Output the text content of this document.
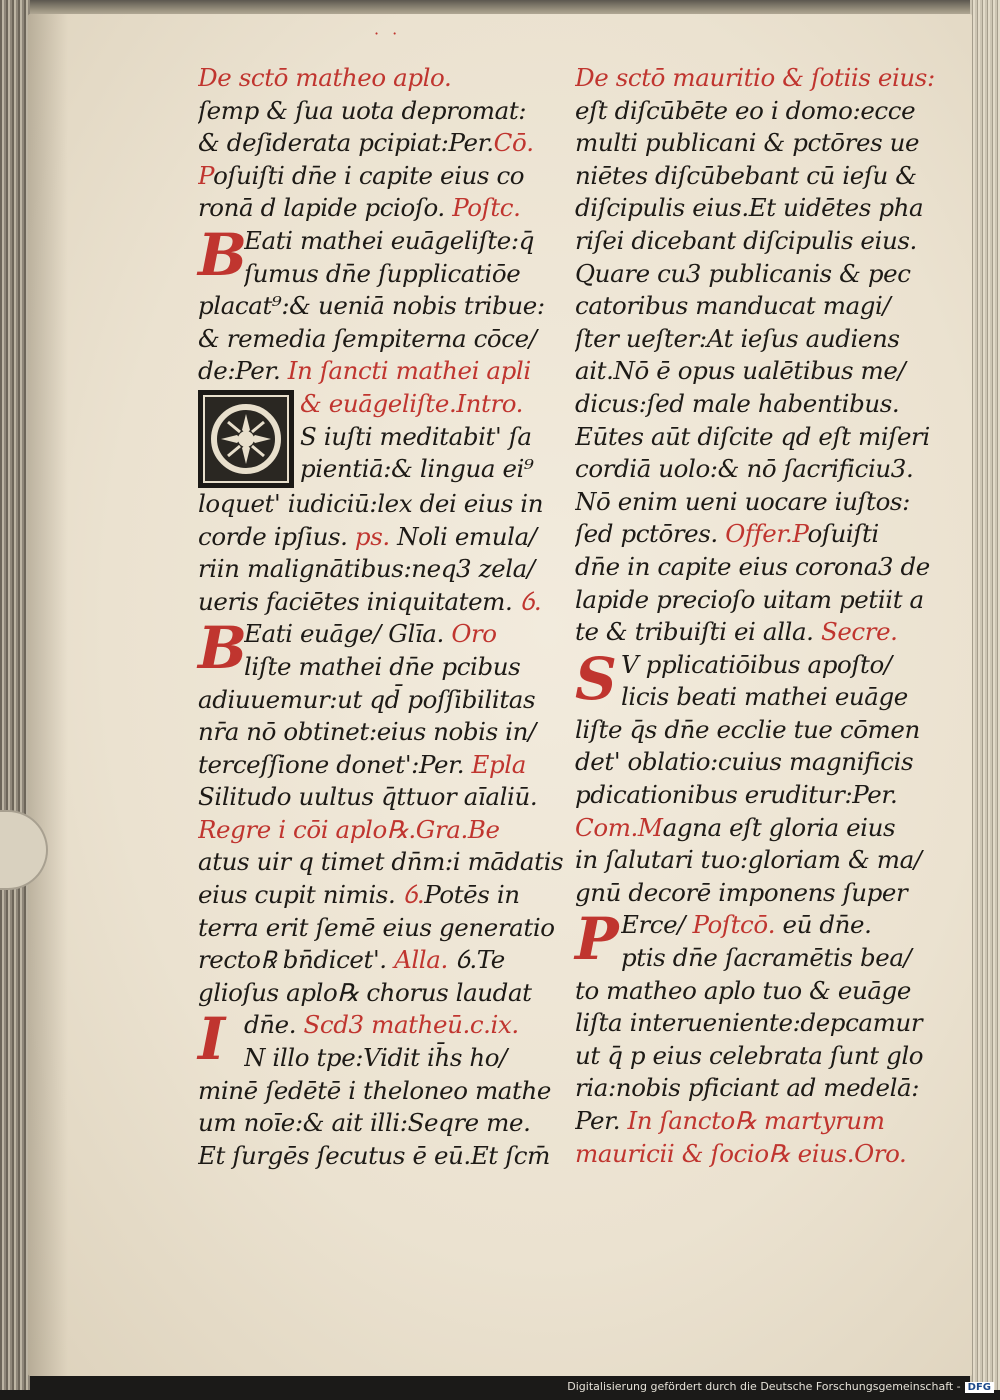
· ·
De sctō matheo aplo.
ſemp & ſua uota depromat:
& deſiderata pcipiat:Per.Cō.
Poſuiſti dn̄e i capite eius co
ronā d lapide pcioſo. Poſtc.
B
Eati mathei euāgeliſte:q̄
ſumus dn̄e ſupplicatiōe
placat⁹:& ueniā nobis tribue:
& remedia ſempiterna cōce/
de:Per. In ſancti mathei apli
& euāgeliſte.Intro.
S iuſti meditabit' ſa
pientiā:& lingua ei⁹
loquet' iudiciū:lex dei eius in
corde ipſius. ps. Noli emula/
riin malignātibus:neq3 zela/
ueris faciētes iniquitatem. ỽ.
B
Eati euāge/ Glīa. Oro
liſte mathei dn̄e pcibus
adiuuemur:ut qd̄ poſſibilitas
nr̄a nō obtinet:eius nobis in/
terceſſione donet':Per. Epla
Silitudo uultus q̄ttuor aīaliū.
Regre i cōi aplo℞.Gra.Be
atus uir q timet dn̄m:i mādatis
eius cupit nimis. ỽ.Potēs in
terra erit ſemē eius generatio
recto℞ bn̄dicet'. Alla. ỽ.Te
glioſus aplo℞ chorus laudat
I dn̄e. Scd3 matheū.c.ix.
N illo tpe:Vidit ih̄s ho/
minē ſedētē i theloneo mathe
um noīe:& ait illi:Seqre me.
Et ſurgēs ſecutus ē eū.Et ſcm̄
De sctō mauritio & ſotiis eius:
eſt diſcūbēte eo i domo:ecce
multi publicani & pctōres ue
niētes diſcūbebant cū ieſu &
diſcipulis eius.Et uidētes pha
riſei dicebant diſcipulis eius.
Quare cu3 publicanis & pec
catoribus manducat magi/
ſter ueſter:At ieſus audiens
ait.Nō ē opus ualētibus me/
dicus:ſed male habentibus.
Eūtes aūt diſcite qd eſt miſeri
cordiā uolo:& nō ſacrificiu3.
Nō enim ueni uocare iuſtos:
ſed pctōres. Offer.Poſuiſti
dn̄e in capite eius corona3 de
lapide precioſo uitam petiit a
te & tribuiſti ei alla. Secre.
S V pplicatiōibus apoſto/
licis beati mathei euāge
liſte q̄s dn̄e ecclie tue cōmen
det' oblatio:cuius magnificis
pdicationibus eruditur:Per.
Com.Magna eſt gloria eius
in ſalutari tuo:gloriam & ma/
gnū decorē imponens ſuper
P Erce/ Poſtcō. eū dn̄e.
ptis dn̄e ſacramētis bea/
to matheo aplo tuo & euāge
liſta interueniente:depcamur
ut q̄ p eius celebrata ſunt glo
ria:nobis pficiant ad medelā:
Per. In ſancto℞ martyrum
mauricii & ſocio℞ eius.Oro.
Digitalisierung gefördert durch die Deutsche Forschungsgemeinschaft - DFG
